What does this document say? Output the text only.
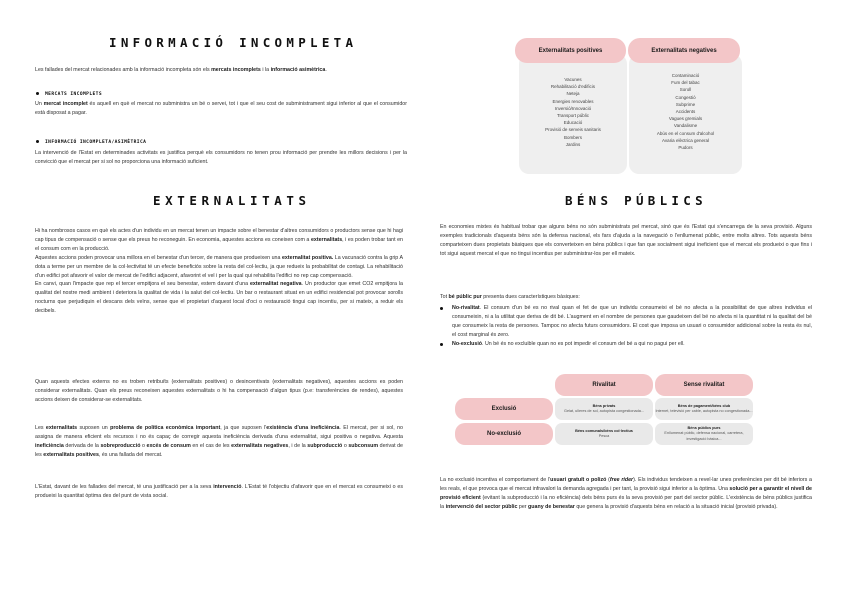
INFORMACIÓ INCOMPLETA

Les fallades del mercat relacionades amb la informació incompleta són els mercats incomplets i la informació asimètrica.

MERCATS INCOMPLETS

Un mercat incomplet és aquell en què el mercat no subministra un bé o servei, tot i que el seu cost de subministrament sigui inferior al que el consumidor està disposat a pagar.

INFORMACIÓ INCOMPLETA/ASIMÈTRICA

La intervenció de l'Estat en determinades activitats es justifica perquè els consumidors no tenen prou informació per prendre les millors decisions i per la convicció que el mercat per si sol no proporciona una informació suficient.

Vacunes
Rehabilitació d'edificis
Neteja
Energies renovables
Inversió/Innovació
Transport públic
Educació
Provisió de serveis sanitaris
Bombers
Jardins
Contaminació
Fum del tabac
Soroll
Congestió
Subprime
Accidents
Vagues gremials
Vandalisme
Abús en el consum d'alcohol
Avaria elèctrica general
Pudors
Externalitats positives	Externalitats negatives
EXTERNALITATS

Hi ha nombrosos casos en què els actes d'un individu en un mercat tenen un impacte sobre el benestar d'altres consumidors o productors sense que hi hagi cap tipus de compensació o sense que els preus ho reconeguin. En economia, aquestes accions es coneixen com a externalitats, i es poden trobar tant en el consum com en la producció.

Aquestes accions poden provocar una millora en el benestar d'un tercer, de manera que produeixen una externalitat positiva. La vacunació contra la grip A dota a terme per un membre de la col·lectivitat té un efecte beneficiós sobre la resta del col·lectiu, ja que redueix la probabilitat de contagi. La rehabilitació d'un edifici pot afavorir el valor de mercat de l'edifici adjacent, afavorint el vel i per la qual qui rehabilita l'edifici no rep cap compensació.

En canvi, quan l'impacte que rep el tercer empitjora el seu benestar, estem davant d'una externalitat negativa. Un productor que emet CO2 empitjora la qualitat del nostre medi ambient i deteriora la qualitat de vida i la salut del col·lectiu. Un bar o restaurant situat en un edifici residencial pot provocar sorolls nocturns que perjudiquin el descans dels veïns, sense que el propietari d'aquest local d'oci o restauració tingui cap incentiu, per si mateix, a reduir els decibels.

Quan aquests efectes externs no es troben retribuïts (externalitats positives) o desincentivats (externalitats negatives), aquestes accions es poden considerar externalitats. Quan els preus reconeixen aquestes externalitats o hi ha compensació d'algun tipus (p.e: transferències de rendes), aquestes accions deixen de considerar-se externalitats.

Les externalitats suposen un problema de política econòmica important, ja que suposen l'existència d'una ineficiència. El mercat, per si sol, no assigna de manera eficient els recursos i no és capaç de corregir aquesta ineficiència derivada d'una externalitat, sigui positiva o negativa. Aquesta ineficiència derivada de la sobreproducció o excés de consum en el cas de les externalitats negatives, i de la subproducció o subconsum derivat de les externalitats positives, és una fallada del mercat.

L'Estat, davant de les fallades del mercat, té una justificació per a la seva intervenció. L'Estat té l'objectiu d'afavorir que en el mercat es consumeixi o es produeixi la quantitat òptima des del punt de vista social.

BÉNS PÚBLICS

En economies mixtes és habitual trobar que alguns béns no són subministrats pel mercat, sinó que és l'Estat qui s'encarrega de la seva provisió. Alguns exemples tradicionals d'aquests béns són la defensa nacional, els fars d'ajuda a la navegació o l'enllumenat públic, entre molts altres. Tots aquests béns comparteixen dues propietats bàsiques que els converteixen en béns públics i que fan que socialment sigui ineficient que el mercat els produeixi o que fins i tot sigui aquest mercat el que no tingui incentius per subministrar-los per ell mateix.

Tot bé públic pur presenta dues característiques bàsiques:

No-rivalitat. El consum d'un bé es no rival quan el fet de que un individu consumeixi el bé no afecta a la possibilitat de que altres individus el consumeixin, ni a la utilitat que deriva de dit bé. L'augment en el nombre de persones que gaudeixen del bé no afecta ni la quantitat ni la qualitat del bé que consumeix la resta de persones. Tampoc no afecta futurs consumidors. El cost que imposa un usuari o consumidor addicional sobre la resta és nul, el cost marginal és zero.
No-exclusió. Un bé és no excluible quan no es pot impedir el consum del bé a qui no pagui per ell.
Rivalitat	Sense rivalitat
Exclusió
No-exclusió
Béns privats
Gelat, ulleres de sol, autopista congestionada...
Béns de pagament/béns club
Internet, televisió per cable, autopista no congestionada...
Béns comunals/béns col·lectius
Pesca
Béns públics purs
Enllumenat públic, defensa nacional, carretera, investigació bàsica...

La no exclusió incentiva el comportament de l'usuari gratuït o polizó (free rider). Els individus tendeixen a revel·lar unes preferències per dit bé inferiors a les reals, el que provoca que el mercat infravalori la demanda agregada i per tant, la provisió sigui inferior a la òptima. Una solució per a garantir el nivell de provisió eficient (evitant la subproducció i la no eficiència) dels béns purs és la seva provisió per part del sector públic. L'existència de béns públics justifica la intervenció del sector públic per guany de benestar que genera la provisió d'aquests béns en relació a la situació inicial (provisió privada).
